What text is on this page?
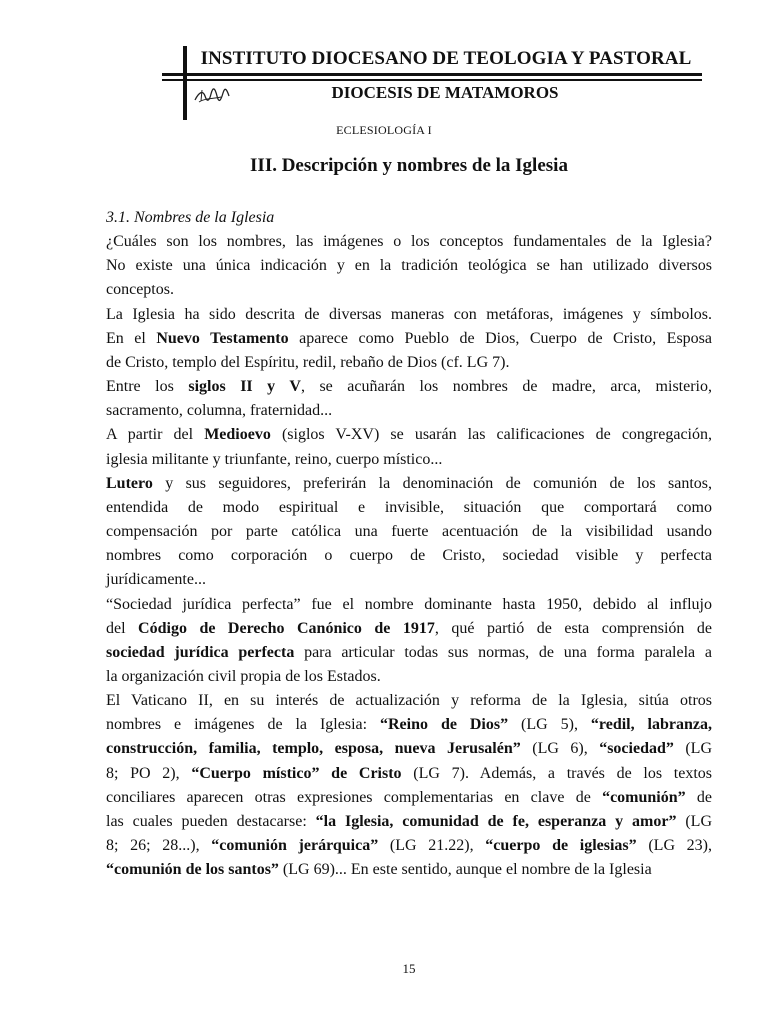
INSTITUTO DIOCESANO DE TEOLOGIA Y PASTORAL
DIOCESIS DE MATAMOROS
ECLESIOLOGÍA I
III. Descripción y nombres de la Iglesia

3.1. Nombres de la Iglesia

¿Cuáles son los nombres, las imágenes o los conceptos fundamentales de la Iglesia?
No existe una única indicación y en la tradición teológica se han utilizado diversos
conceptos.

La Iglesia ha sido descrita de diversas maneras con metáforas, imágenes y símbolos.
En el Nuevo Testamento aparece como Pueblo de Dios, Cuerpo de Cristo, Esposa
de Cristo, templo del Espíritu, redil, rebaño de Dios (cf. LG 7).

Entre los siglos II y V, se acuñarán los nombres de madre, arca, misterio,
sacramento, columna, fraternidad...

A partir del Medioevo (siglos V-XV) se usarán las calificaciones de congregación,
iglesia militante y triunfante, reino, cuerpo místico...

Lutero y sus seguidores, preferirán la denominación de comunión de los santos,
entendida de modo espiritual e invisible, situación que comportará como
compensación por parte católica una fuerte acentuación de la visibilidad usando
nombres como corporación o cuerpo de Cristo, sociedad visible y perfecta
jurídicamente...

“Sociedad jurídica perfecta” fue el nombre dominante hasta 1950, debido al influjo
del Código de Derecho Canónico de 1917, qué partió de esta comprensión de
sociedad jurídica perfecta para articular todas sus normas, de una forma paralela a
la organización civil propia de los Estados.

El Vaticano II, en su interés de actualización y reforma de la Iglesia, sitúa otros
nombres e imágenes de la Iglesia: “Reino de Dios” (LG 5), “redil, labranza,
construcción, familia, templo, esposa, nueva Jerusalén” (LG 6), “sociedad” (LG
8; PO 2), “Cuerpo místico” de Cristo (LG 7). Además, a través de los textos
conciliares aparecen otras expresiones complementarias en clave de “comunión” de
las cuales pueden destacarse: “la Iglesia, comunidad de fe, esperanza y amor” (LG
8; 26; 28...), “comunión jerárquica” (LG 21.22), “cuerpo de iglesias” (LG 23),
“comunión de los santos” (LG 69)... En este sentido, aunque el nombre de la Iglesia

15
